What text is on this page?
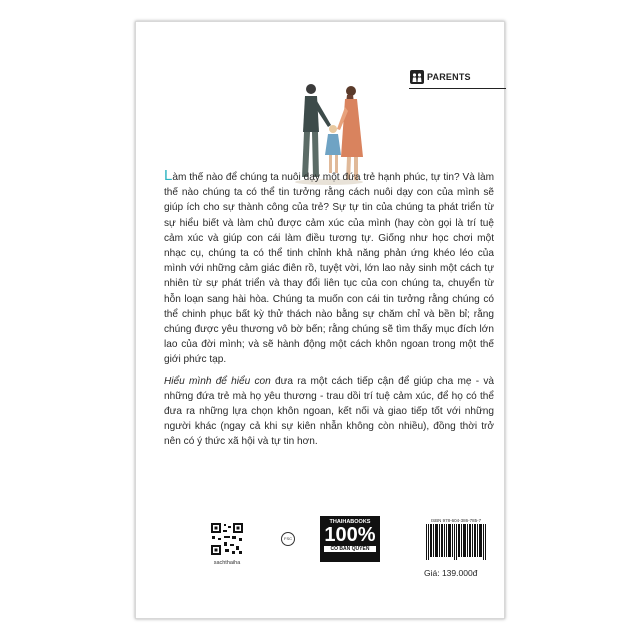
PARENTS

Làm thế nào để chúng ta nuôi dạy một đứa trẻ hạnh phúc, tự tin? Và làm thế nào chúng ta có thể tin tưởng rằng cách nuôi dạy con của mình sẽ giúp ích cho sự thành công của trẻ? Sự tự tin của chúng ta phát triển từ sự hiểu biết và làm chủ được cảm xúc của mình (hay còn gọi là trí tuệ cảm xúc và giúp con cái làm điều tương tự. Giống như học chơi một nhạc cụ, chúng ta có thể tinh chỉnh khả năng phản ứng khéo léo của mình với những cảm giác điên rồ, tuyệt vời, lớn lao nảy sinh một cách tự nhiên từ sự phát triển và thay đổi liên tục của con chúng ta, chuyển từ hỗn loạn sang hài hòa. Chúng ta muốn con cái tin tưởng rằng chúng có thể chinh phục bất kỳ thử thách nào bằng sự chăm chỉ và bền bỉ; rằng chúng được yêu thương vô bờ bến; rằng chúng sẽ tìm thấy mục đích lớn lao của đời mình; và sẽ hành động một cách khôn ngoan trong một thế giới phức tạp.

Hiểu mình để hiểu con đưa ra một cách tiếp cận để giúp cha mẹ - và những đứa trẻ mà họ yêu thương - trau dồi trí tuệ cảm xúc, để họ có thể đưa ra những lựa chọn khôn ngoan, kết nối và giao tiếp tốt với những người khác (ngay cả khi sự kiên nhẫn không còn nhiều), đồng thời trở nên có ý thức xã hội và tự tin hơn.

sachthaiha
FSC
THAIHABOOKS
100%
CÓ BẢN QUYỀN
ISBN 978-604-386-785-7
Giá: 139.000đ
